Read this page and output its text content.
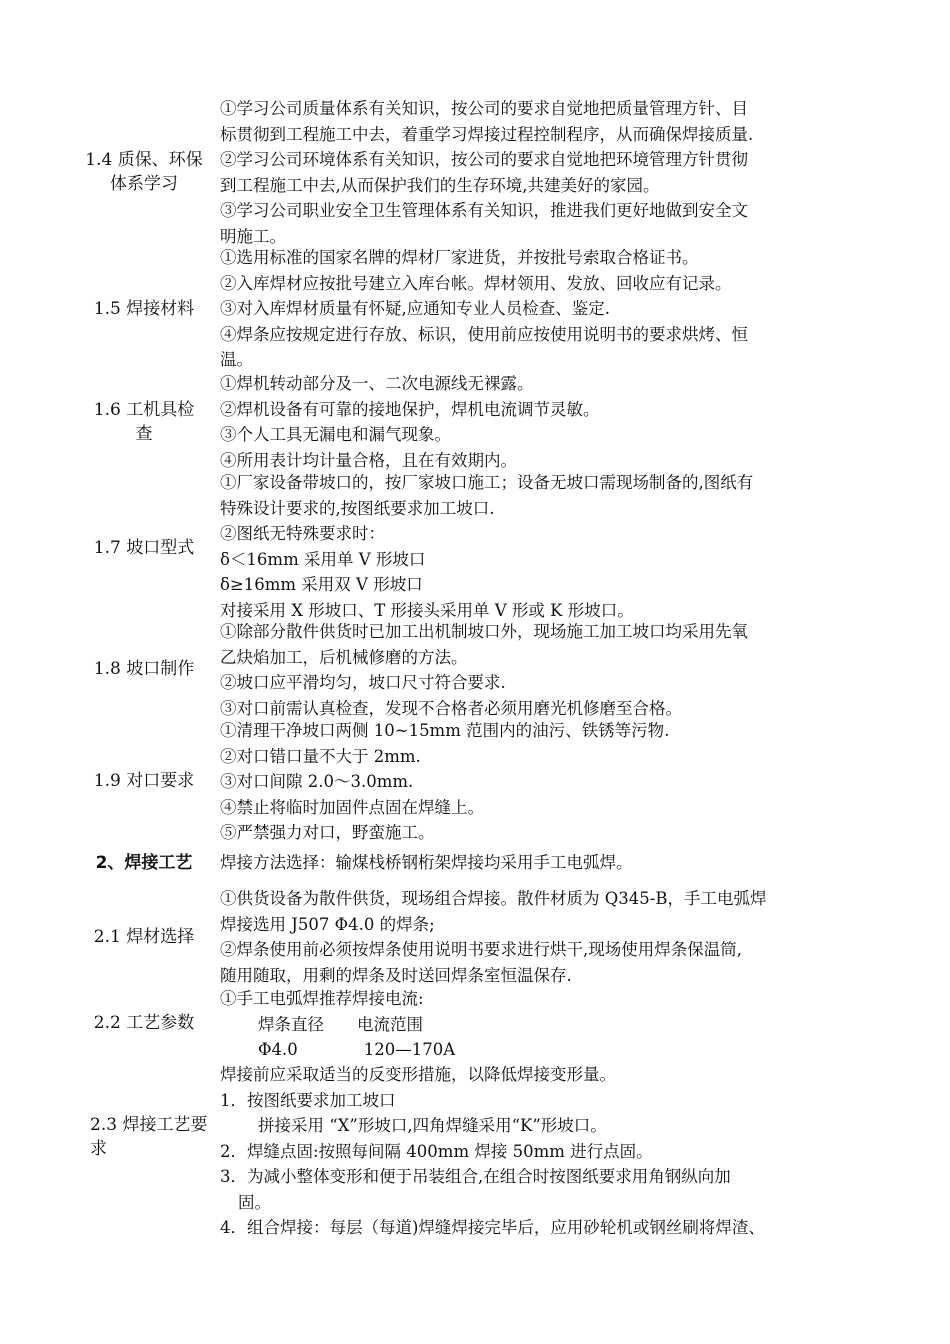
1.4 质保、环保体系学习
①学习公司质量体系有关知识，按公司的要求自觉地把质量管理方针、目
标贯彻到工程施工中去，着重学习焊接过程控制程序，从而确保焊接质量.
②学习公司环境体系有关知识，按公司的要求自觉地把环境管理方针贯彻
到工程施工中去,从而保护我们的生存环境,共建美好的家园。
③学习公司职业安全卫生管理体系有关知识，推进我们更好地做到安全文
明施工。
1.5 焊接材料
①选用标准的国家名牌的焊材厂家进货，并按批号索取合格证书。
②入库焊材应按批号建立入库台帐。焊材领用、发放、回收应有记录。
③对入库焊材质量有怀疑,应通知专业人员检查、鉴定.
④焊条应按规定进行存放、标识，使用前应按使用说明书的要求烘烤、恒
温。
1.6 工机具检查
①焊机转动部分及一、二次电源线无裸露。
②焊机设备有可靠的接地保护，焊机电流调节灵敏。
③个人工具无漏电和漏气现象。
④所用表计均计量合格，且在有效期内。
1.7 坡口型式
①厂家设备带坡口的，按厂家坡口施工；设备无坡口需现场制备的,图纸有
特殊设计要求的,按图纸要求加工坡口.
②图纸无特殊要求时：
δ＜16mm 采用单 V 形坡口
δ≥16mm 采用双 V 形坡口
对接采用 X 形坡口、T 形接头采用单 V 形或 K 形坡口。
1.8 坡口制作
①除部分散件供货时已加工出机制坡口外，现场施工加工坡口均采用先氧
乙炔焰加工，后机械修磨的方法。
②坡口应平滑均匀，坡口尺寸符合要求.
③对口前需认真检查，发现不合格者必须用磨光机修磨至合格。
1.9 对口要求
①清理干净坡口两侧 10~15mm 范围内的油污、铁锈等污物.
②对口错口量不大于 2mm.
③对口间隙 2.0～3.0mm.
④禁止将临时加固件点固在焊缝上。
⑤严禁强力对口，野蛮施工。
2、焊接工艺	焊接方法选择：输煤栈桥钢桁架焊接均采用手工电弧焊。
2.1 焊材选择
①供货设备为散件供货，现场组合焊接。散件材质为 Q345-B，手工电弧焊
焊接选用 J507 Φ4.0 的焊条;
②焊条使用前必须按焊条使用说明书要求进行烘干,现场使用焊条保温筒,
随用随取，用剩的焊条及时送回焊条室恒温保存.
2.2 工艺参数
①手工电弧焊推荐焊接电流:
焊条直径　　电流范围
Φ4.0　　　　120—170A
2.3 焊接工艺要求
焊接前应采取适当的反变形措施，以降低焊接变形量。
1．按图纸要求加工坡口
拼接采用 “X”形坡口,四角焊缝采用“K”形坡口。
2．焊缝点固:按照每间隔 400mm 焊接 50mm 进行点固。
3．为减小整体变形和便于吊装组合,在组合时按图纸要求用角钢纵向加
固。
4．组合焊接：每层（每道)焊缝焊接完毕后，应用砂轮机或钢丝刷将焊渣、
